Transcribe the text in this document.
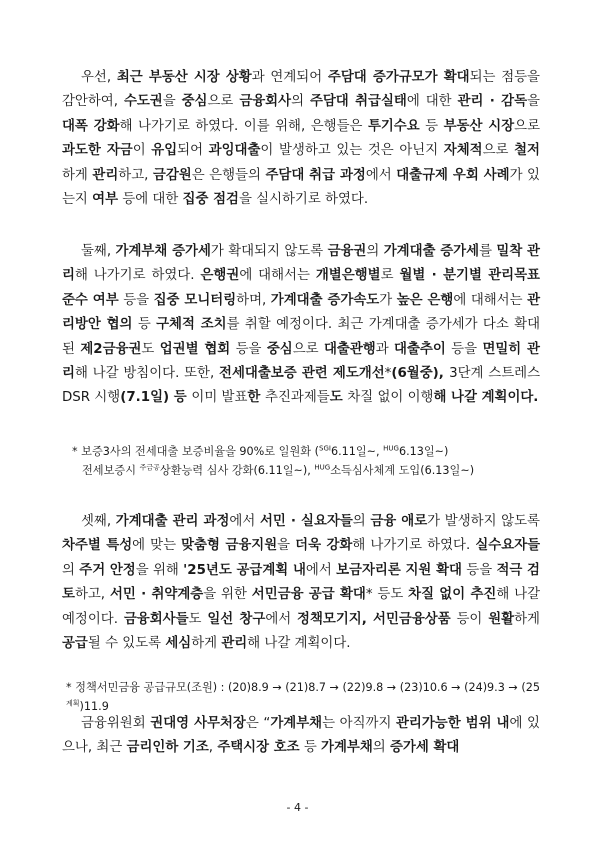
우선, 최근 부동산 시장 상황과 연계되어 주담대 증가규모가 확대되는 점등을 감안하여, 수도권을 중심으로 금융회사의 주담대 취급실태에 대한 관리 · 감독을 대폭 강화해 나가기로 하였다. 이를 위해, 은행들은 투기수요 등 부동산 시장으로 과도한 자금이 유입되어 과잉대출이 발생하고 있는 것은 아닌지 자체적으로 철저하게 관리하고, 금감원은 은행들의 주담대 취급 과정에서 대출규제 우회 사례가 있는지 여부 등에 대한 집중 점검을 실시하기로 하였다.

둘째, 가계부채 증가세가 확대되지 않도록 금융권의 가계대출 증가세를 밀착 관리해 나가기로 하였다. 은행권에 대해서는 개별은행별로 월별 · 분기별 관리목표 준수 여부 등을 집중 모니터링하며, 가계대출 증가속도가 높은 은행에 대해서는 관리방안 협의 등 구체적 조치를 취할 예정이다. 최근 가계대출 증가세가 다소 확대된 제2금융권도 업권별 협회 등을 중심으로 대출관행과 대출추이 등을 면밀히 관리해 나갈 방침이다. 또한, 전세대출보증 관련 제도개선*(6월중), 3단계 스트레스 DSR 시행(7.1일) 등 이미 발표한 추진과제들도 차질 없이 이행해 나갈 계획이다.

* 보증3사의 전세대출 보증비율을 90%로 일원화 ($^{SGI}$6.11일~, $^{HUG}$6.13일~)
전세보증시 $^{주금공}$상환능력 심사 강화(6.11일~), $^{HUG}$소득심사체계 도입(6.13일~)

셋째, 가계대출 관리 과정에서 서민 · 실요자들의 금융 애로가 발생하지 않도록 차주별 특성에 맞는 맞춤형 금융지원을 더욱 강화해 나가기로 하였다. 실수요자들의 주거 안정을 위해 '25년도 공급계획 내에서 보금자리론 지원 확대 등을 적극 검토하고, 서민 · 취약계층을 위한 서민금융 공급 확대* 등도 차질 없이 추진해 나갈 예정이다. 금융회사들도 일선 창구에서 정책모기지, 서민금융상품 등이 원활하게 공급될 수 있도록 세심하게 관리해 나갈 계획이다.

* 정책서민금융 공급규모(조원) : $(20)8.9 \to (21)8.7 \to (22)9.8 \to (23)10.6 \to (24)9.3 \to (25^{계획})11.9$

금융위원회 권대영 사무처장은 “가계부채는 아직까지 관리가능한 범위 내에 있으나, 최근 금리인하 기조, 주택시장 호조 등 가계부채의 증가세 확대

- 4 -
